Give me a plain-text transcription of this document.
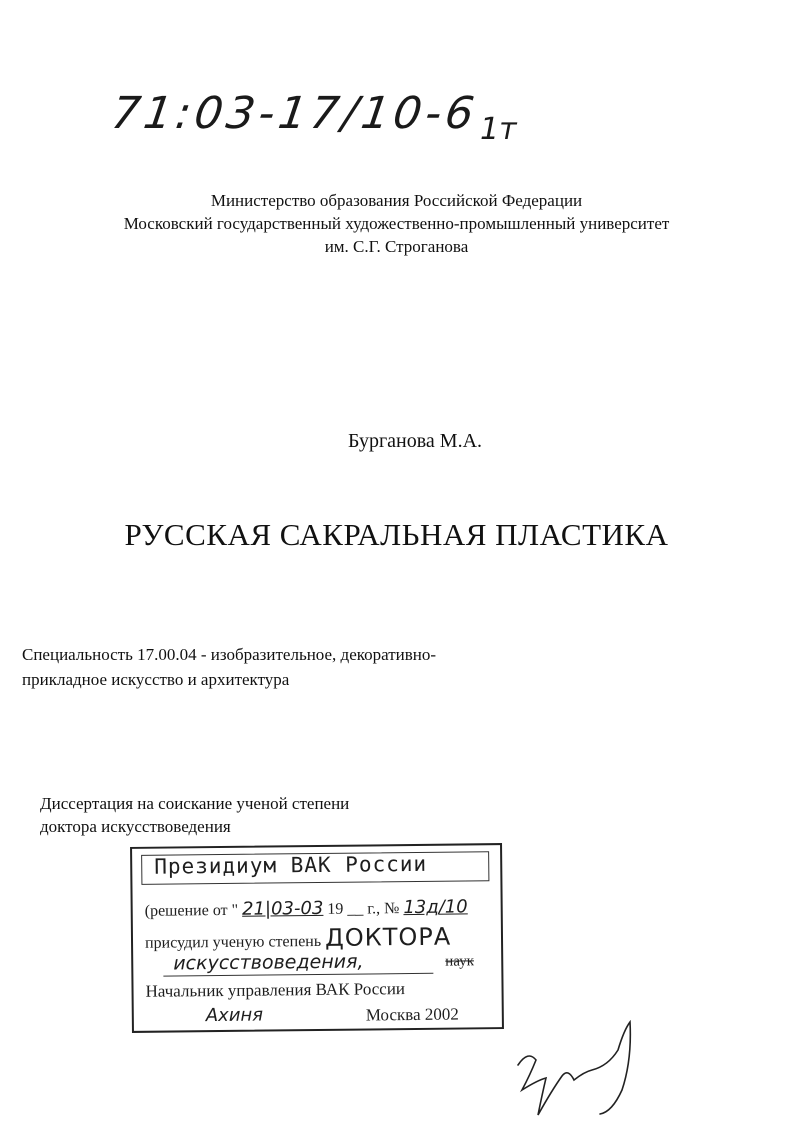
71:03-17/10-6 1т
Министерство образования Российской Федерации
Московский государственный художественно-промышленный университет
им. С.Г. Строганова
Бурганова М.А.
РУССКАЯ САКРАЛЬНАЯ ПЛАСТИКА
Специальность 17.00.04 - изобразительное, декоративно-
прикладное искусство и архитектура
Диссертация на соискание ученой степени
доктора искусствоведения
Президиум ВАК России
(решение от " 21|03-03 19 __ г., № 13д/10
присудил ученую степень ДОКТОРА
искусствоведения,	наук
Начальник управления ВАК России
Ахиня	Москва 2002
